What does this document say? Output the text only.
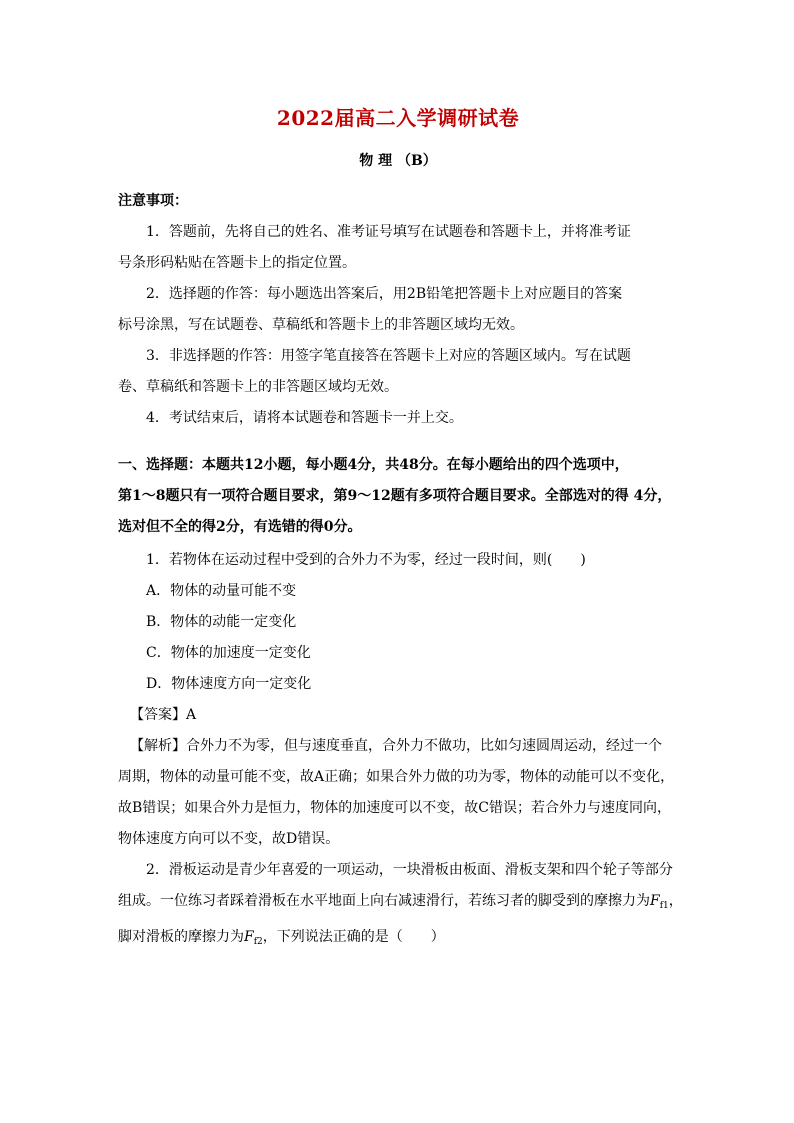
2022届高二入学调研试卷
物 理 （B）

注意事项：

1．答题前，先将自己的姓名、准考证号填写在试题卷和答题卡上，并将准考证

号条形码粘贴在答题卡上的指定位置。

2．选择题的作答：每小题选出答案后，用2B铅笔把答题卡上对应题目的答案

标号涂黑，写在试题卷、草稿纸和答题卡上的非答题区域均无效。

3．非选择题的作答：用签字笔直接答在答题卡上对应的答题区域内。写在试题

卷、草稿纸和答题卡上的非答题区域均无效。

4．考试结束后，请将本试题卷和答题卡一并上交。

一、选择题：本题共12小题，每小题4分，共48分。在每小题给出的四个选项中，

第1～8题只有一项符合题目要求，第9～12题有多项符合题目要求。全部选对的得 4分，

选对但不全的得2分，有选错的得0分。

1．若物体在运动过程中受到的合外力不为零，经过一段时间，则(　　)

A．物体的动量可能不变

B．物体的动能一定变化

C．物体的加速度一定变化

D．物体速度方向一定变化

【答案】A

【解析】合外力不为零，但与速度垂直，合外力不做功，比如匀速圆周运动，经过一个

周期，物体的动量可能不变，故A正确；如果合外力做的功为零，物体的动能可以不变化，

故B错误；如果合外力是恒力，物体的加速度可以不变，故C错误；若合外力与速度同向，

物体速度方向可以不变，故D错误。

2．滑板运动是青少年喜爱的一项运动，一块滑板由板面、滑板支架和四个轮子等部分

组成。一位练习者踩着滑板在水平地面上向右减速滑行，若练习者的脚受到的摩擦力为$F_{f1}$，

脚对滑板的摩擦力为$F_{f2}$，下列说法正确的是（　　）
